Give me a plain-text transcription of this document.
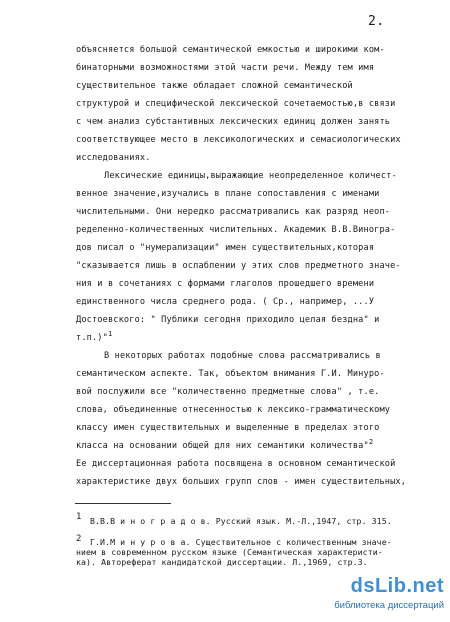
2.
объясняется большой семантической емкостью и широкими ком-
бинаторными возможностями этой части речи. Между тем имя
существительное также обладает сложной семантической
структурой и специфической лексической сочетаемостью,в связи
с чем анализ субстантивных лексических единиц должен занять
соответствующее место в лексикологических и семасиологических
исследованиях.
Лексические единицы,выражающие неопределенное количест-
венное значение,изучались в плане сопоставления с именами
числительными. Они нередко рассматривались как разряд неоп-
ределенно-количественных числительных. Академик В.В.Виногра-
дов писал о "нумерализации" имен существительных,которая
"сказывается лишь в ослаблении у этих слов предметного значе-
ния и в сочетаниях с формами глаголов прошедшего времени
единственного числа среднего рода. ( Ср., например, ...У
Достоевского: " Публики сегодня приходило целая бездна" и
т.п.)"$^1$
В некоторых работах подобные слова рассматривались в
семантическом аспекте. Так, объектом внимания Г.И. Минуро-
вой послужили все "количественно предметные слова" , т.е.
слова, объединенные отнесенностью к лексико-грамматическому
классу имен существительных и выделенные в пределах этого
класса на основании общей для них семантики количества"$^2$
Ее диссертационная работа посвящена в основном семантической
характеристике двух больших групп слов - имен существительных,
1 В.В.В и н о г р а д о в. Русский язык. М.-Л.,1947, стр. 315.
2 Г.И.М и н у р о в а. Существительное с количественным значе-
нием в современном русском языке (Семантическая характеристи-
ка). Автореферат кандидатской диссертации. Л.,1969, стр.3.
dsLib.net
библиотека диссертаций
